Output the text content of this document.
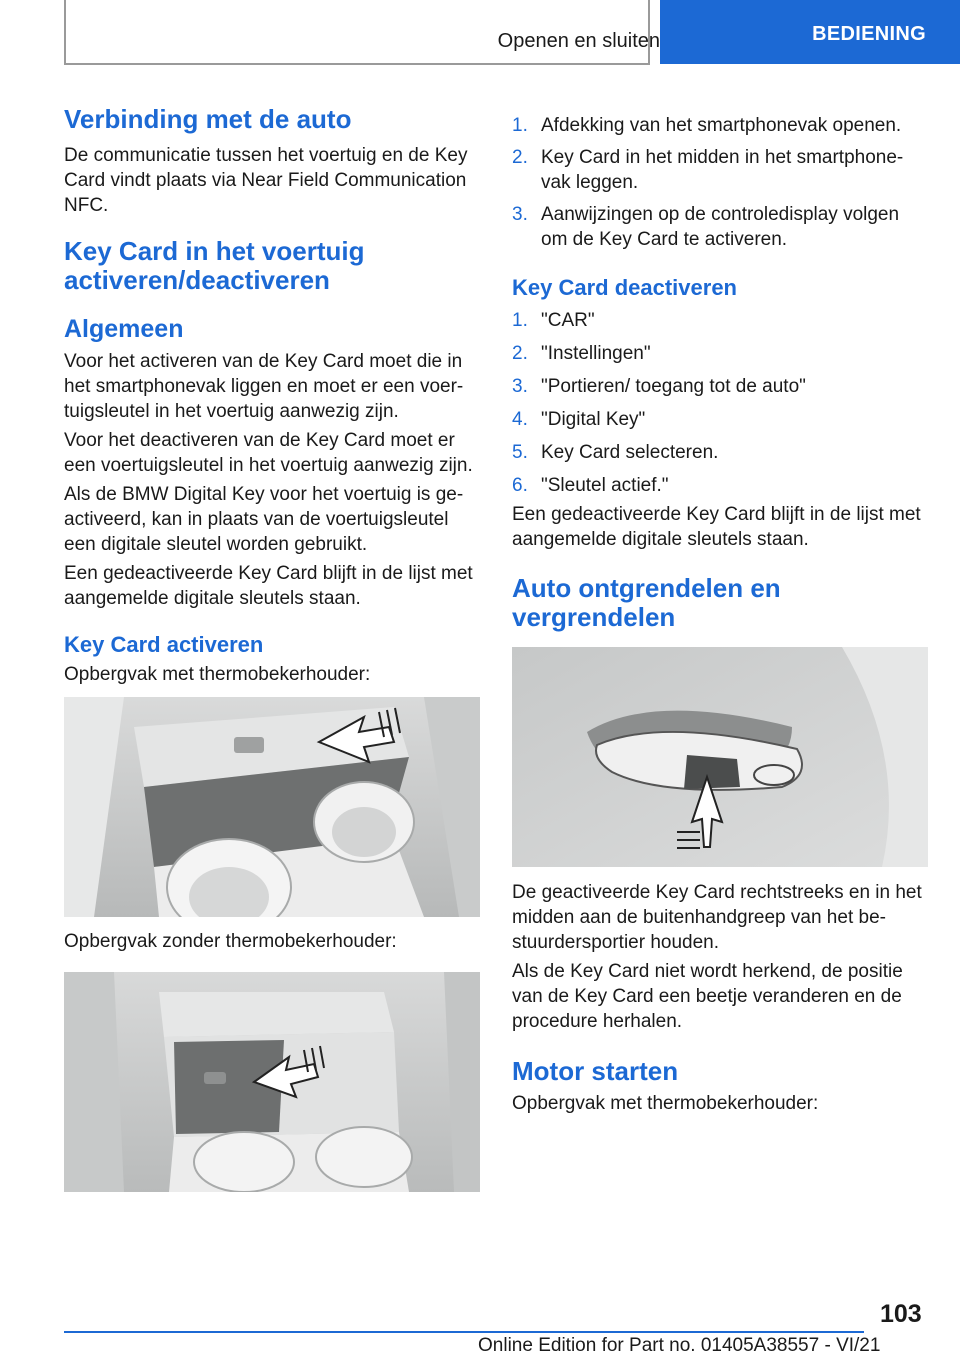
Openen en sluiten	BEDIENING
Verbinding met de auto

De communicatie tussen het voertuig en de Key Card vindt plaats via Near Field Communication NFC.

Key Card in het voertuig
activeren/deactiveren
Algemeen

Voor het activeren van de Key Card moet die in het smartphonevak liggen en moet er een voer-tuigsleutel in het voertuig aanwezig zijn.

Voor het deactiveren van de Key Card moet er een voertuigsleutel in het voertuig aanwezig zijn.

Als de BMW Digital Key voor het voertuig is ge-activeerd, kan in plaats van de voertuigsleutel een digitale sleutel worden gebruikt.

Een gedeactiveerde Key Card blijft in de lijst met aangemelde digitale sleutels staan.

Key Card activeren

Opbergvak met thermobekerhouder:

Opbergvak zonder thermobekerhouder:

1. Afdekking van het smartphonevak openen.
2. Key Card in het midden in het smartphone-vak leggen.
3. Aanwijzingen op de controledisplay volgen om de Key Card te activeren.
Key Card deactiveren
1. "CAR"
2. "Instellingen"
3. "Portieren/ toegang tot de auto"
4. "Digital Key"
5. Key Card selecteren.
6. "Sleutel actief."

Een gedeactiveerde Key Card blijft in de lijst met aangemelde digitale sleutels staan.

Auto ontgrendelen en
vergrendelen

De geactiveerde Key Card rechtstreeks en in het midden aan de buitenhandgreep van het be-stuurdersportier houden.

Als de Key Card niet wordt herkend, de positie van de Key Card een beetje veranderen en de procedure herhalen.

Motor starten

Opbergvak met thermobekerhouder:

103
Online Edition for Part no. 01405A38557 - VI/21
